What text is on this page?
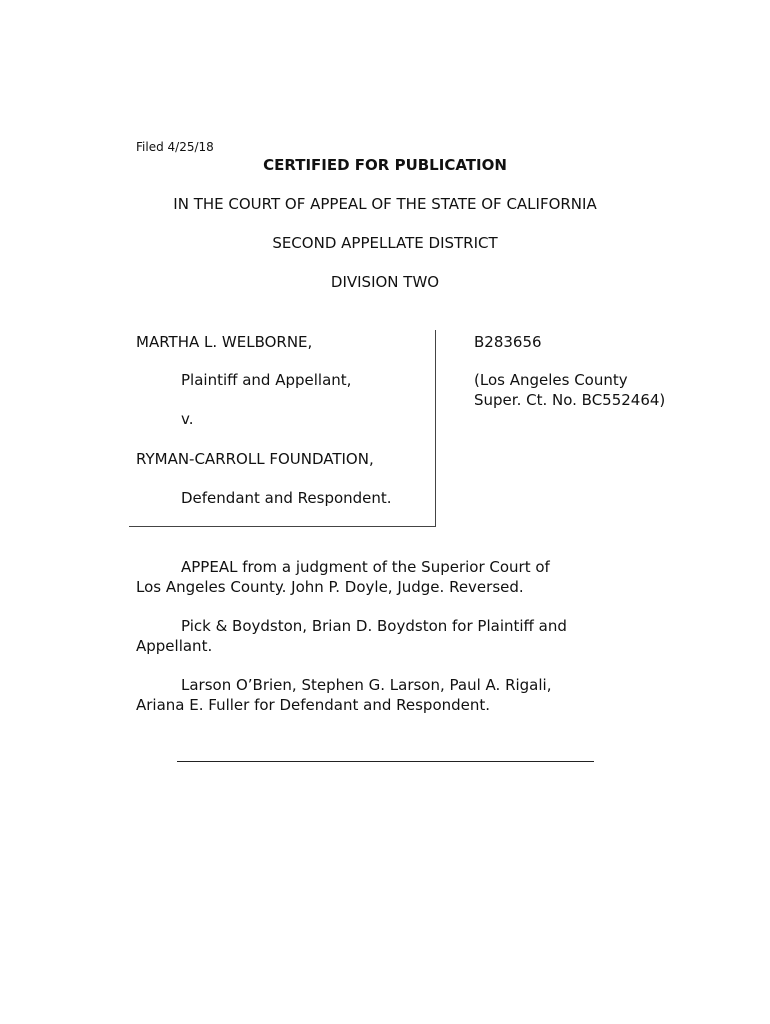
Filed 4/25/18
CERTIFIED FOR PUBLICATION
IN THE COURT OF APPEAL OF THE STATE OF CALIFORNIA
SECOND APPELLATE DISTRICT
DIVISION TWO
MARTHA L. WELBORNE,
Plaintiff and Appellant,
v.
RYMAN-CARROLL FOUNDATION,
Defendant and Respondent.
B283656
(Los Angeles County
Super. Ct. No. BC552464)
APPEAL from a judgment of the Superior Court of
Los Angeles County. John P. Doyle, Judge. Reversed.
Pick & Boydston, Brian D. Boydston for Plaintiff and
Appellant.
Larson O’Brien, Stephen G. Larson, Paul A. Rigali,
Ariana E. Fuller for Defendant and Respondent.
